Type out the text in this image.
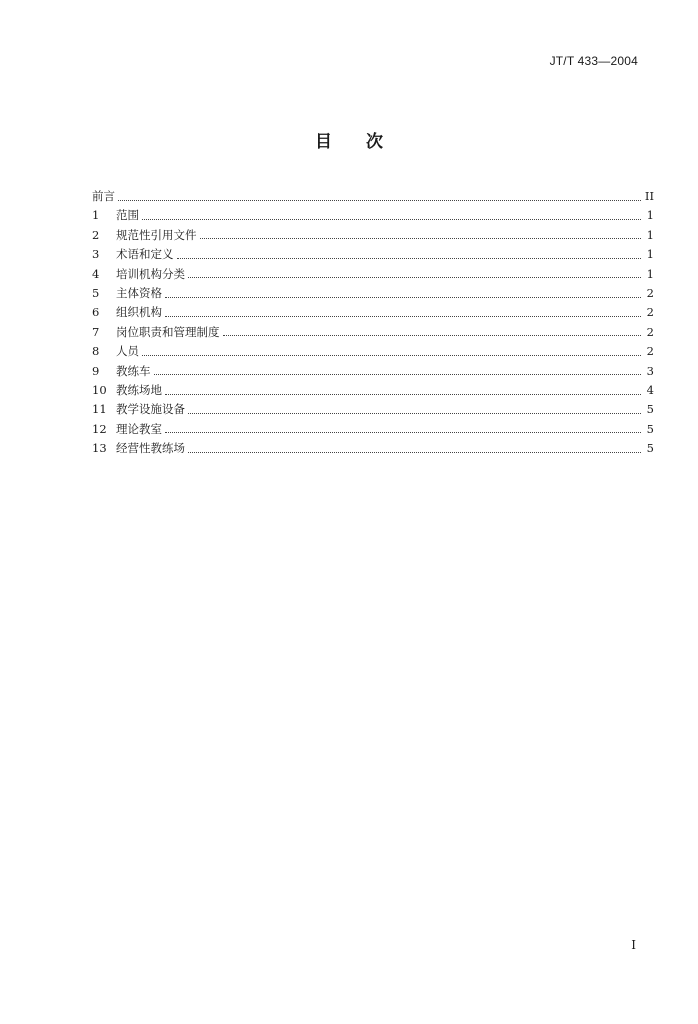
JT/T 433—2004
目 次
前言	II
1	范围	1
2	规范性引用文件	1
3	术语和定义	1
4	培训机构分类	1
5	主体资格	2
6	组织机构	2
7	岗位职责和管理制度	2
8	人员	2
9	教练车	3
10 教练场地	4
11 教学设施设备	5
12 理论教室	5
13 经营性教练场	5
I
